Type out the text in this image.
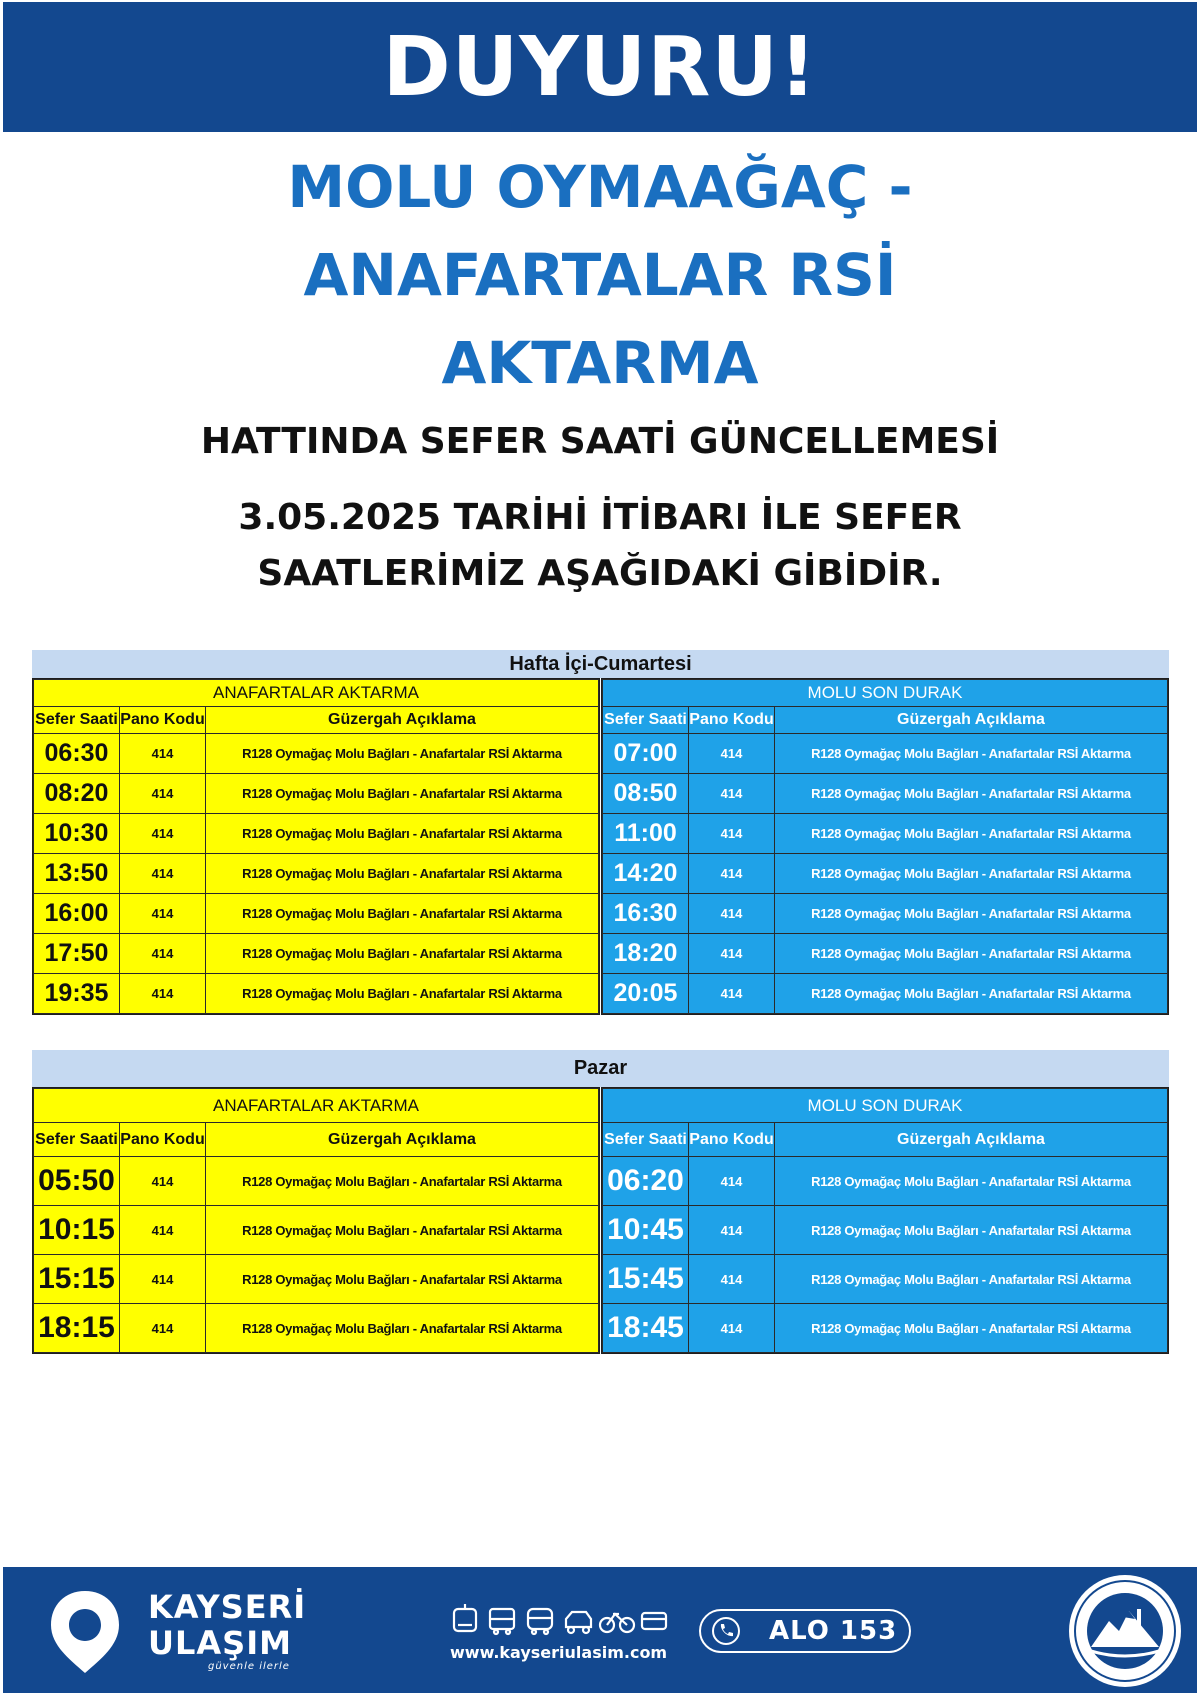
DUYURU!
MOLU OYMAAĞAÇ -
ANAFARTALAR RSİ
AKTARMA
HATTINDA SEFER SAATİ GÜNCELLEMESİ
3.05.2025 TARİHİ İTİBARI İLE SEFER
SAATLERİMİZ AŞAĞIDAKİ GİBİDİR.
Hafta İçi-Cumartesi
ANAFARTALAR AKTARMA		
Sefer Saati	Pano Kodu	Güzergah Açıklama
06:30	414	R128 Oymağaç Molu Bağları - Anafartalar RSİ Aktarma
08:20	414	R128 Oymağaç Molu Bağları - Anafartalar RSİ Aktarma
10:30	414	R128 Oymağaç Molu Bağları - Anafartalar RSİ Aktarma
13:50	414	R128 Oymağaç Molu Bağları - Anafartalar RSİ Aktarma
16:00	414	R128 Oymağaç Molu Bağları - Anafartalar RSİ Aktarma
17:50	414	R128 Oymağaç Molu Bağları - Anafartalar RSİ Aktarma
19:35	414	R128 Oymağaç Molu Bağları - Anafartalar RSİ Aktarma
MOLU SON DURAK		
Sefer Saati	Pano Kodu	Güzergah Açıklama
07:00	414	R128 Oymağaç Molu Bağları - Anafartalar RSİ Aktarma
08:50	414	R128 Oymağaç Molu Bağları - Anafartalar RSİ Aktarma
11:00	414	R128 Oymağaç Molu Bağları - Anafartalar RSİ Aktarma
14:20	414	R128 Oymağaç Molu Bağları - Anafartalar RSİ Aktarma
16:30	414	R128 Oymağaç Molu Bağları - Anafartalar RSİ Aktarma
18:20	414	R128 Oymağaç Molu Bağları - Anafartalar RSİ Aktarma
20:05	414	R128 Oymağaç Molu Bağları - Anafartalar RSİ Aktarma
Pazar
ANAFARTALAR AKTARMA		
Sefer Saati	Pano Kodu	Güzergah Açıklama
05:50	414	R128 Oymağaç Molu Bağları - Anafartalar RSİ Aktarma
10:15	414	R128 Oymağaç Molu Bağları - Anafartalar RSİ Aktarma
15:15	414	R128 Oymağaç Molu Bağları - Anafartalar RSİ Aktarma
18:15	414	R128 Oymağaç Molu Bağları - Anafartalar RSİ Aktarma
MOLU SON DURAK		
Sefer Saati	Pano Kodu	Güzergah Açıklama
06:20	414	R128 Oymağaç Molu Bağları - Anafartalar RSİ Aktarma
10:45	414	R128 Oymağaç Molu Bağları - Anafartalar RSİ Aktarma
15:45	414	R128 Oymağaç Molu Bağları - Anafartalar RSİ Aktarma
18:45	414	R128 Oymağaç Molu Bağları - Anafartalar RSİ Aktarma
KAYSERİ
ULAŞIM
güvenle ilerle
www.kayseriulasim.com
ALO 153
